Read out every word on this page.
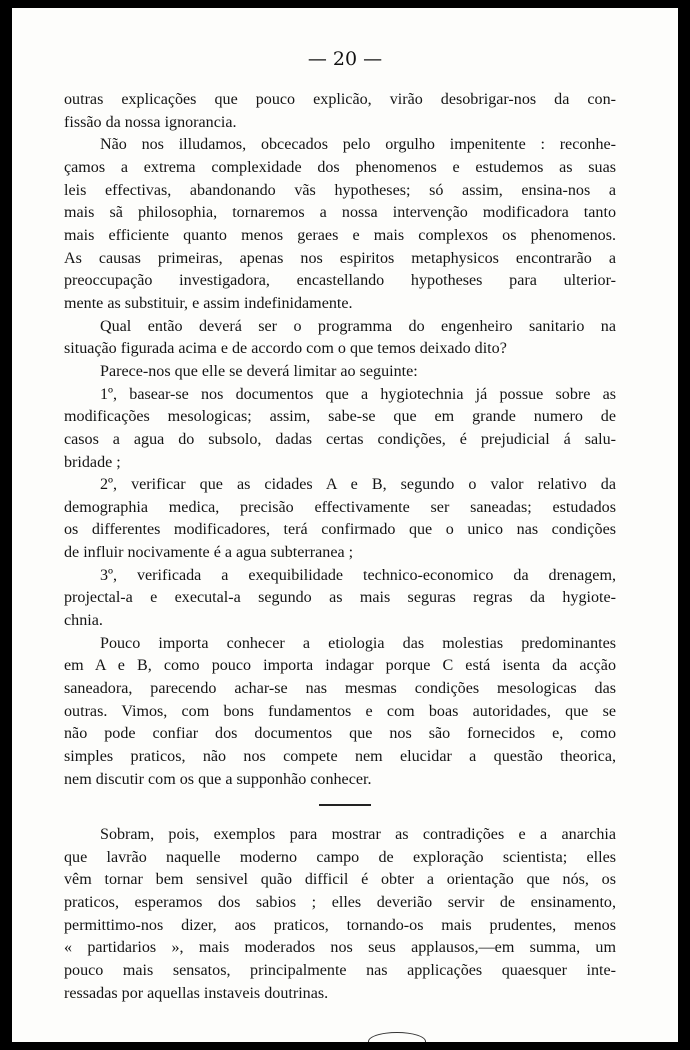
— 20 —
outras explicações que pouco explicão, virão desobrigar-nos da con-
fissão da nossa ignorancia.
Não nos illudamos, obcecados pelo orgulho impenitente : reconhe-
çamos a extrema complexidade dos phenomenos e estudemos as suas
leis effectivas, abandonando vãs hypotheses; só assim, ensina-nos a
mais sã philosophia, tornaremos a nossa intervenção modificadora tanto
mais efficiente quanto menos geraes e mais complexos os phenomenos.
As causas primeiras, apenas nos espiritos metaphysicos encontrarão a
preoccupação investigadora, encastellando hypotheses para ulterior-
mente as substituir, e assim indefinidamente.
Qual então deverá ser o programma do engenheiro sanitario na
situação figurada acima e de accordo com o que temos deixado dito?
Parece-nos que elle se deverá limitar ao seguinte:
1º, basear-se nos documentos que a hygiotechnia já possue sobre as
modificações mesologicas; assim, sabe-se que em grande numero de
casos a agua do subsolo, dadas certas condições, é prejudicial á salu-
bridade ;
2º, verificar que as cidades A e B, segundo o valor relativo da
demographia medica, precisão effectivamente ser saneadas; estudados
os differentes modificadores, terá confirmado que o unico nas condições
de influir nocivamente é a agua subterranea ;
3º, verificada a exequibilidade technico-economico da drenagem,
projectal-a e executal-a segundo as mais seguras regras da hygiote-
chnia.
Pouco importa conhecer a etiologia das molestias predominantes
em A e B, como pouco importa indagar porque C está isenta da acção
saneadora, parecendo achar-se nas mesmas condições mesologicas das
outras. Vimos, com bons fundamentos e com boas autoridades, que se
não pode confiar dos documentos que nos são fornecidos e, como
simples praticos, não nos compete nem elucidar a questão theorica,
nem discutir com os que a supponhão conhecer.
Sobram, pois, exemplos para mostrar as contradições e a anarchia
que lavrão naquelle moderno campo de exploração scientista; elles
vêm tornar bem sensivel quão difficil é obter a orientação que nós, os
praticos, esperamos dos sabios ; elles deverião servir de ensinamento,
permittimo-nos dizer, aos praticos, tornando-os mais prudentes, menos
« partidarios », mais moderados nos seus applausos,—em summa, um
pouco mais sensatos, principalmente nas applicações quaesquer inte-
ressadas por aquellas instaveis doutrinas.
